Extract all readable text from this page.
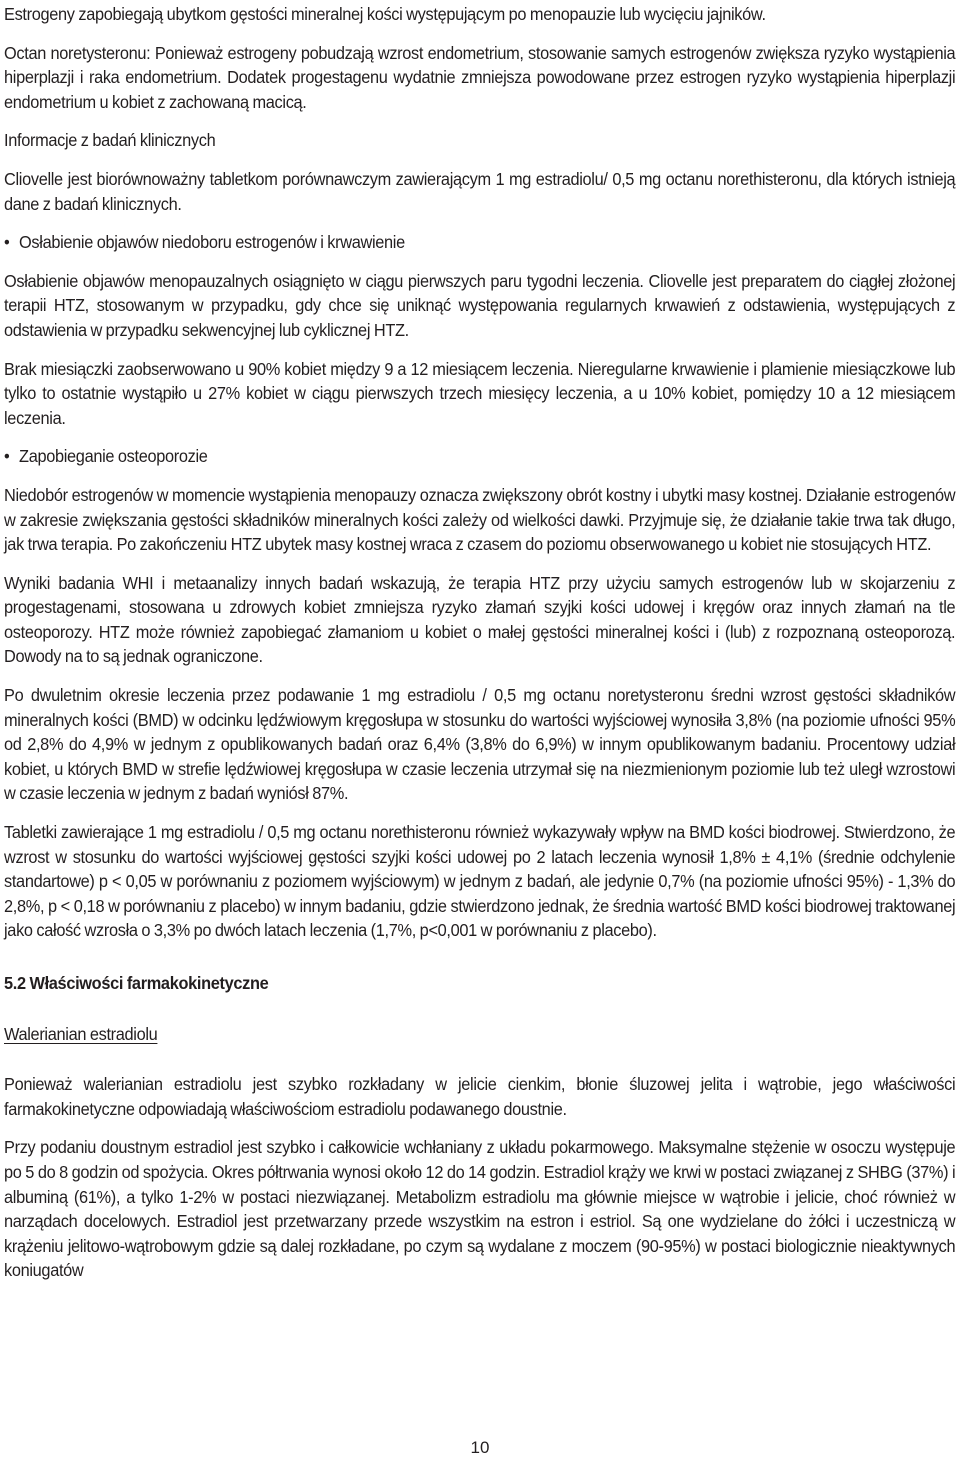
Estrogeny zapobiegają ubytkom gęstości mineralnej kości występującym po menopauzie lub wycięciu jajników.

Octan noretysteronu: Ponieważ estrogeny pobudzają wzrost endometrium, stosowanie samych estrogenów zwiększa ryzyko wystąpienia hiperplazji i raka endometrium. Dodatek progestagenu wydatnie zmniejsza powodowane przez estrogen ryzyko wystąpienia hiperplazji endometrium u kobiet z zachowaną macicą.

Informacje z badań klinicznych

Cliovelle jest biorównoważny tabletkom porównawczym zawierającym 1 mg estradiolu/ 0,5 mg octanu norethisteronu, dla których istnieją dane z badań klinicznych.

• Osłabienie objawów niedoboru estrogenów i krwawienie

Osłabienie objawów menopauzalnych osiągnięto w ciągu pierwszych paru tygodni leczenia. Cliovelle jest preparatem do ciągłej złożonej terapii HTZ, stosowanym w przypadku, gdy chce się uniknąć występowania regularnych krwawień z odstawienia, występujących z odstawienia w przypadku sekwencyjnej lub cyklicznej HTZ.

Brak miesiączki zaobserwowano u 90% kobiet między 9 a 12 miesiącem leczenia. Nieregularne krwawienie i plamienie miesiączkowe lub tylko to ostatnie wystąpiło u 27% kobiet w ciągu pierwszych trzech miesięcy leczenia, a u 10% kobiet, pomiędzy 10 a 12 miesiącem leczenia.

• Zapobieganie osteoporozie

Niedobór estrogenów w momencie wystąpienia menopauzy oznacza zwiększony obrót kostny i ubytki masy kostnej. Działanie estrogenów w zakresie zwiększania gęstości składników mineralnych kości zależy od wielkości dawki. Przyjmuje się, że działanie takie trwa tak długo, jak trwa terapia. Po zakończeniu HTZ ubytek masy kostnej wraca z czasem do poziomu obserwowanego u kobiet nie stosujących HTZ.

Wyniki badania WHI i metaanalizy innych badań wskazują, że terapia HTZ przy użyciu samych estrogenów lub w skojarzeniu z progestagenami, stosowana u zdrowych kobiet zmniejsza ryzyko złamań szyjki kości udowej i kręgów oraz innych złamań na tle osteoporozy. HTZ może również zapobiegać złamaniom u kobiet o małej gęstości mineralnej kości i (lub) z rozpoznaną osteoporozą. Dowody na to są jednak ograniczone.

Po dwuletnim okresie leczenia przez podawanie 1 mg estradiolu / 0,5 mg octanu noretysteronu średni wzrost gęstości składników mineralnych kości (BMD) w odcinku lędźwiowym kręgosłupa w stosunku do wartości wyjściowej wynosiła 3,8% (na poziomie ufności 95% od 2,8% do 4,9% w jednym z opublikowanych badań oraz 6,4% (3,8% do 6,9%) w innym opublikowanym badaniu. Procentowy udział kobiet, u których BMD w strefie lędźwiowej kręgosłupa w czasie leczenia utrzymał się na niezmienionym poziomie lub też uległ wzrostowi w czasie leczenia w jednym z badań wyniósł 87%.

Tabletki zawierające 1 mg estradiolu / 0,5 mg octanu norethisteronu również wykazywały wpływ na BMD kości biodrowej. Stwierdzono, że wzrost w stosunku do wartości wyjściowej gęstości szyjki kości udowej po 2 latach leczenia wynosił 1,8% ± 4,1% (średnie odchylenie standartowe) p < 0,05 w porównaniu z poziomem wyjściowym) w jednym z badań, ale jedynie 0,7% (na poziomie ufności 95%) - 1,3% do 2,8%, p < 0,18 w porównaniu z placebo) w innym badaniu, gdzie stwierdzono jednak, że średnia wartość BMD kości biodrowej traktowanej jako całość wzrosła o 3,3% po dwóch latach leczenia (1,7%, p<0,001 w porównaniu z placebo).

5.2 Właściwości farmakokinetyczne

Walerianian estradiolu

Ponieważ walerianian estradiolu jest szybko rozkładany w jelicie cienkim, błonie śluzowej jelita i wątrobie, jego właściwości farmakokinetyczne odpowiadają właściwościom estradiolu podawanego doustnie.

Przy podaniu doustnym estradiol jest szybko i całkowicie wchłaniany z układu pokarmowego. Maksymalne stężenie w osoczu występuje po 5 do 8 godzin od spożycia. Okres półtrwania wynosi około 12 do 14 godzin. Estradiol krąży we krwi w postaci związanej z SHBG (37%) i albuminą (61%), a tylko 1-2% w postaci niezwiązanej. Metabolizm estradiolu ma głównie miejsce w wątrobie i jelicie, choć również w narządach docelowych. Estradiol jest przetwarzany przede wszystkim na estron i estriol. Są one wydzielane do żółci i uczestniczą w krążeniu jelitowo-wątrobowym gdzie są dalej rozkładane, po czym są wydalane z moczem (90-95%) w postaci biologicznie nieaktywnych koniugatów

10
